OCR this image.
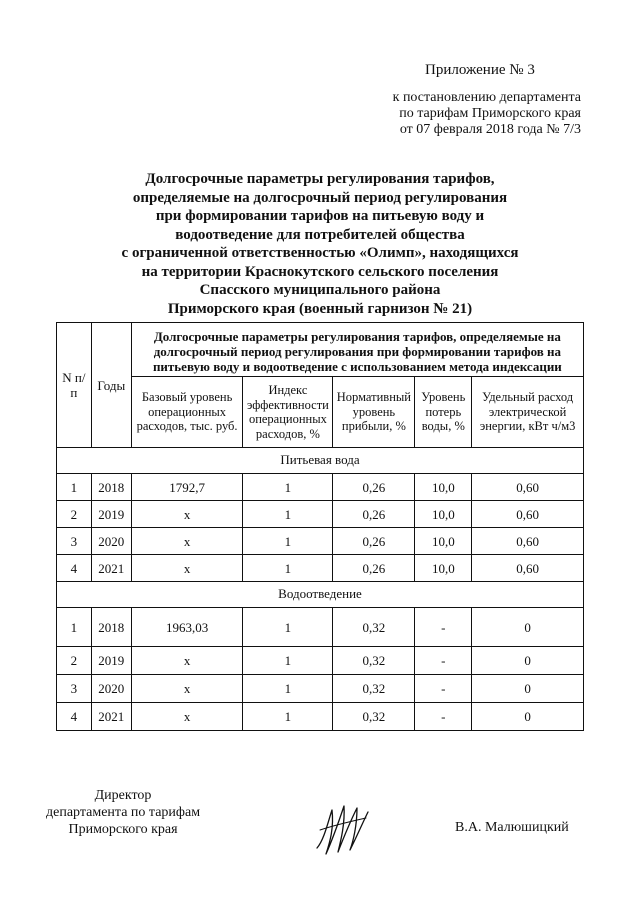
Приложение № 3
к постановлению департамента
по тарифам Приморского края
от 07 февраля 2018 года № 7/3
Долгосрочные параметры регулирования тарифов,
определяемые на долгосрочный период регулирования
при формировании тарифов на питьевую воду и
водоотведение для потребителей общества
с ограниченной ответственностью «Олимп», находящихся
на территории Краснокутского сельского поселения
Спасского муниципального района
Приморского края (военный гарнизон № 21)
N п/п	Годы	Долгосрочные параметры регулирования тарифов, определяемые на долгосрочный период регулирования при формировании тарифов на питьевую воду и водоотведение с использованием метода индексации				
		Базовый уровень операционных расходов, тыс. руб.	Индекс эффективности операционных расходов, %	Нормативный уровень прибыли, %	Уровень потерь воды, %	Удельный расход электрической энергии, кВт ч/м3
Питьевая вода						
1	2018	1792,7	1	0,26	10,0	0,60
2	2019	х	1	0,26	10,0	0,60
3	2020	х	1	0,26	10,0	0,60
4	2021	х	1	0,26	10,0	0,60
Водоотведение						
1	2018	1963,03	1	0,32	-	0
2	2019	х	1	0,32	-	0
3	2020	х	1	0,32	-	0
4	2021	х	1	0,32	-	0
Директор
департамента по тарифам
Приморского края	В.А. Малюшицкий
